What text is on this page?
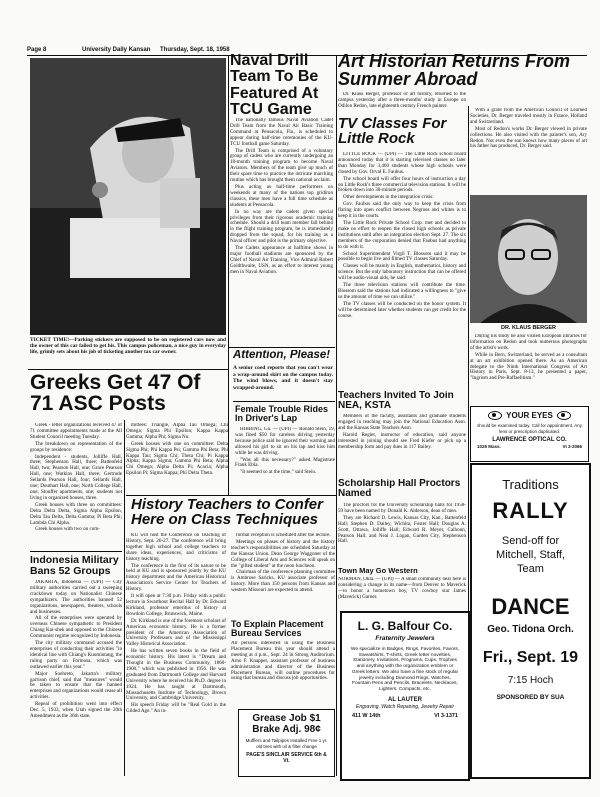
Page 8	University Daily Kansan Thursday, Sept. 18, 1958
TICKET TIME!—Parking stickers are supposed to be on registered cars now and the owner of this car failed to get his. This campus policeman, a nice guy in everyday life, grimly sets about his job of ticketing another tax car owner.
Naval Drill Team To Be Featured At TCU Game

The nationally famous Naval Aviation Cadet Drill Team from the Naval Air Basic Training Command at Pensacola, Fla., is scheduled to appear during half-time ceremonies of the KU-TCU football game Saturday.

The Drill Team is comprised of a voluntary group of cadets who are currently undergoing an 18-month training program to become Naval Aviators. Members of the team give up much of their spare time to practice the intricate marching routine which has brought them national acclaim.

Plus acting as half-time performers on weekends at many of the nations top gridiron classics, these men have a full time schedule as students at Pensacola.

In no way are the cadets given special privileges from their rigorous academic training schedule. Should a drill team member fall behind in the flight training program, he is immediately dropped from the squad, for his training as a Naval officer and pilot is the primary objective.

The Cadets appearance at halftime shows in major football stadiums are sponsored by the Chief of Naval Air Training, Vice Admiral Robert Goldthwaite, USN, as an effort to interest young men in Naval Aviation.

Attention, Please!
A senior coed reports that you can't wear a wrap-around skirt on the campus today. The wind blows, and it doesn't stay wrapped-around.
Art Historian Returns From Summer Abroad

Dr. Klaus Berger, professor of art history, returned to the campus yesterday after a three-months' study in Europe on Odilon Redon, late eighteenth century French painter.

With a grant from the American Council of Learned Societies, Dr. Berger traveled mostly in France, Holland and Switzerland.

Most of Redon's works Dr. Berger viewed in private collections. He also visited with the painter's son, Ary Redon. Not even the son knows how many pieces of art his father has produced, Dr. Berger said.

DR. KLAUS BERGER

During his study he also visited European libraries for information on Redon and took numerous photographs of the artist's work.

While in Bern, Switzerland, he served as a consultant at an art exhibition opened there. As an American delegate to the Ninth International Congress of Art History in Paris, Sept. 8-13, he presented a paper, "Ingrism and Pre-Raffaelitism."

TV Classes For Little Rock

LITTLE ROCK — (UPI) — The Little Rock school board announced today that it is starting televised classes no later than Monday for 3,460 students whose high schools were closed by Gov. Orval E. Faubus.

The school board will offer four hours of instruction a day on Little Rock's three commercial television stations. It will be broken down into 30-minute periods.

Other developments in the integration crisis:

Gov. Faubus said the only way to keep the crisis from flaring into open conflict between Negroes and whites is to keep it in the courts.

The Little Rock Private School Corp. met and decided to make no effort to reopen the closed high schools as private institutions until after an integration election Sept. 27. The six members of the corporation denied that Faubus had anything to do with it.

School Superintendent Virgil T. Blossom said it may be possible to begin live and filmed TV classes Saturday.

Classes will be mainly in English, mathematics, history and science. But the only laboratory instruction that can be offered will be audio-visual aids, he said.

The three television stations will contribute the time. Blossom said the stations had indicated a willingness to "give us the amount of time we can utilize."

The TV classes will be conducted on the honor system. It will be determined later whether students can get credit for the course.

Teachers Invited To Join NEA, KSTA

Members of the faculty, assistants and graduate students engaged in teaching may join the National Education Assn. and the Kansas State Teachers Assn.

Harold Regier, instructor of education, said anyone interested in joining should see Fred Kiefer or pick up a membership form and pay dues in 117 Bailey.

Scholarship Hall Proctors Named

The proctors for the University scholarship halls for 1958-59 have been named by Donald K. Alderson, dean of men.

They are Richard D. Lewis, Kansas City, Kan., Battenfeld Hall; Stephen D. Dailey, Wichita, Foster Hall; Douglas A. Scott, Ottawa, Jolliffe Hall; Edward R. Meyer, Calhoun, Pearson Hall; and Neal J. Logan, Garden City, Stephenson Hall.

Town May Go Western
NORMAN, Okla. — (UPI) — A small community near here is considering a change in its name—from Denver to Maverick—to honor a hometown boy, TV cowboy star James (Maverick) Garner.
Female Trouble Rides In Driver's Lap

HIBBING, Ga. — (UPI) — Ronald Stein, 19, was fined $50 for careless driving yesterday because police said he ignored their warning and allowed his girl to sit on his lap and kiss him while he was driving.

"Was all this necessary?" asked Magistrate Frank Ebla.

"It seemed so at the time," said Stein.

Greeks Get 47 Of 71 ASC Posts

Greek - letter organizations received 47 of 71 committee appointments made at the All Student Council meeting Tuesday.

The breakdown on representation of the groups by residence:

Independent - students, Jolliffe Hall, three; Stephenson Hall, three; Battenfeld Hall, two; Pearson Hall, one; Grace Pearson Hall, one; Watkins Hall, three; Gertrude Sellards Pearson Hall, four; Sellards Hall, one; Douthart Hall, one; North College Hall, one; Stouffer apartments, one; students not living in organized houses, three.

Greek houses with three on committees: Delta Delta Delta, Sigma Alpha Epsilon, Delta Tau Delta, Delta Gamma; Pi Beta Phi; Lambda Chi Alpha.

Greek houses with two on com-

mittees: Triangle, Alpha Tau Omega; Chi Omega; Sigma Phi Epsilon; Kappa Kappa Gamma; Alpha Phi; Sigma Nu.

Greek houses with one on committee: Delta Sigma Phi; Phi Kappa Psi; Gamma Phi Beta; Phi Kappa Tau; Sigma Chi; Theta Chi; Pi Kappa Alpha; Kappa Sigma; Gamma Phi Beta; Alpha Chi Omega; Alpha Delta Pi; Acacia; Alpha Epsilon Pi; Sigma Kappa; Phi Delta Theta.

Indonesia Military Bans 52 Groups

JAKARTA, Indonesia — (UPI) — City military authorities carried out a sweeping crackdown today on Nationalist Chinese sympathizers. The authorities banned 52 organizations, newspapers, theaters, schools and businesses.

All of the enterprises were operated by overseas Chinese sympathetic to President Chiang Kai-shek and opposed to the Chinese Communist regime recognized by Indonesia.

The city military command accused the enterprises of conducting their activities "in identical line with Chiang's Kuomintang, the ruling party on Formosa, which was outlawed earlier this year."

Major Soehreto, Jakarta's military garrison chief, said that "measures" would be taken to ensure that the banned enterprises and organizations would cease all activities.

Repeal of prohibition went into effect Dec. 5, 1933, when Utah signed the 20th Amendment as the 36th state.

History Teachers to Confer Here on Class Techniques

KU will host the Conference on Teaching of History, Sept. 26-27. The conference will bring together high school and college teachers to share ideas, experiences, and criticisms of history teaching.

The conference is the first of its nature to be held at KU and is sponsored jointly by the KU history department and the American Historical Association's Service Center for Teachers of History.

It will open at 7:30 p.m. Friday with a public lecture in Swarthout Recital Hall by Dr. Edward Kirkland, professor emeritus of history at Bowdoin College, Brunswick, Maine.

Dr. Kirkland is one of the foremost scholars of American economic history. He is a former president of the American Association of University Professors and of the Mississippi Valley Historical Association.

He has written seven books in the field of economic history. His latest is "Dream and Thought in the Business Community, 1860-1900," which was published in 1956. He was graduated from Dartmouth College and Harvard University where he received his Ph.D. degree in 1924. He has taught at Dartmouth, Massachusetts Institute of Technology, Brown University, and Cambridge University.

His speech Friday will be "Real Gold in the Gilded Age." An in-

formal reception is scheduled after the lecture.

Meetings on phases of history and the history teacher's responsibilities are scheduled Saturday at the Kansas Union. Dean George Waggoner of the College of Liberal Arts and Sciences will speak on the "gifted student" at the noon luncheon.

Chairman of the conference planning committee is Ambrose Saricks, KU associate professor of history. More than 150 persons from Kansas and western Missouri are expected to attend.

To Explain Placement Bureau Services
All persons interested in using the Business Placement Bureau this year should attend a meeting at 4 p.m., Sept. 24 in Strong Auditorium. Arno F. Knapper, assistant professor of business administration and director of the Business Placement Bureau, will outline procedures for using that bureau and discuss job opportunities.
Grease Job $1 Brake Adj. 98¢
Mufflers and Tailpipes Installed Free 1 yr. old tires with oil & filter change
PAGE'S SINCLAIR SERVICE 6th & Vt.
L. G. Balfour Co.
Fraternity Jewelers
We specialize in Badges, Rings, Favorites, Favors, Sweatshirts, T-shirts, Greek letter novelties, Stationery, Invitations, Programs, Cups, Trophies and anything with the organization emblem or Greek letters. We also have a fine stock of regular jewelry including Diamond Rings, Watches, Fountain Pens and Pencils, Bracelets, Necklaces, Lighters, Compacts, etc.
AL LAUTER
Engraving, Watch Repairing, Jewelry Repair
411 W 14th	VI 3-1371
YOUR EYES
should be examined today. Call for appointment. Any lens or prescription duplicated.
LAWRENCE OPTICAL CO.
1025 Mass.	VI 3-2066
Traditions
RALLY
Send-off for Mitchell, Staff, Team
DANCE
Geo. Tidona Orch.
Fri., Sept. 19
7:15 Hoch
SPONSORED BY SUA
